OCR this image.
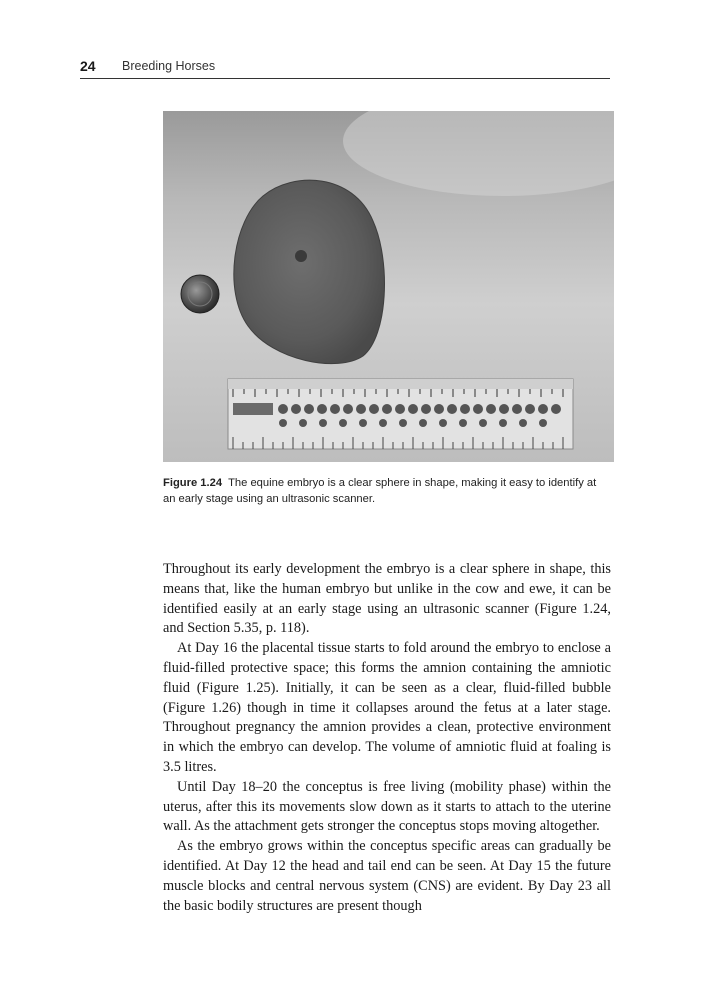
24 Breeding Horses
Figure 1.24 The equine embryo is a clear sphere in shape, making it easy to identify at an early stage using an ultrasonic scanner.

Throughout its early development the embryo is a clear sphere in shape, this means that, like the human embryo but unlike in the cow and ewe, it can be identified easily at an early stage using an ultrasonic scanner (Figure 1.24, and Section 5.35, p. 118).

At Day 16 the placental tissue starts to fold around the embryo to enclose a fluid-filled protective space; this forms the amnion containing the amniotic fluid (Figure 1.25). Initially, it can be seen as a clear, fluid-filled bubble (Figure 1.26) though in time it collapses around the fetus at a later stage. Throughout pregnancy the amnion provides a clean, protective environment in which the embryo can develop. The volume of amniotic fluid at foaling is 3.5 litres.

Until Day 18–20 the conceptus is free living (mobility phase) within the uterus, after this its movements slow down as it starts to attach to the uterine wall. As the attachment gets stronger the conceptus stops moving altogether.

As the embryo grows within the conceptus specific areas can gradually be identified. At Day 12 the head and tail end can be seen. At Day 15 the future muscle blocks and central nervous system (CNS) are evident. By Day 23 all the basic bodily structures are present though
